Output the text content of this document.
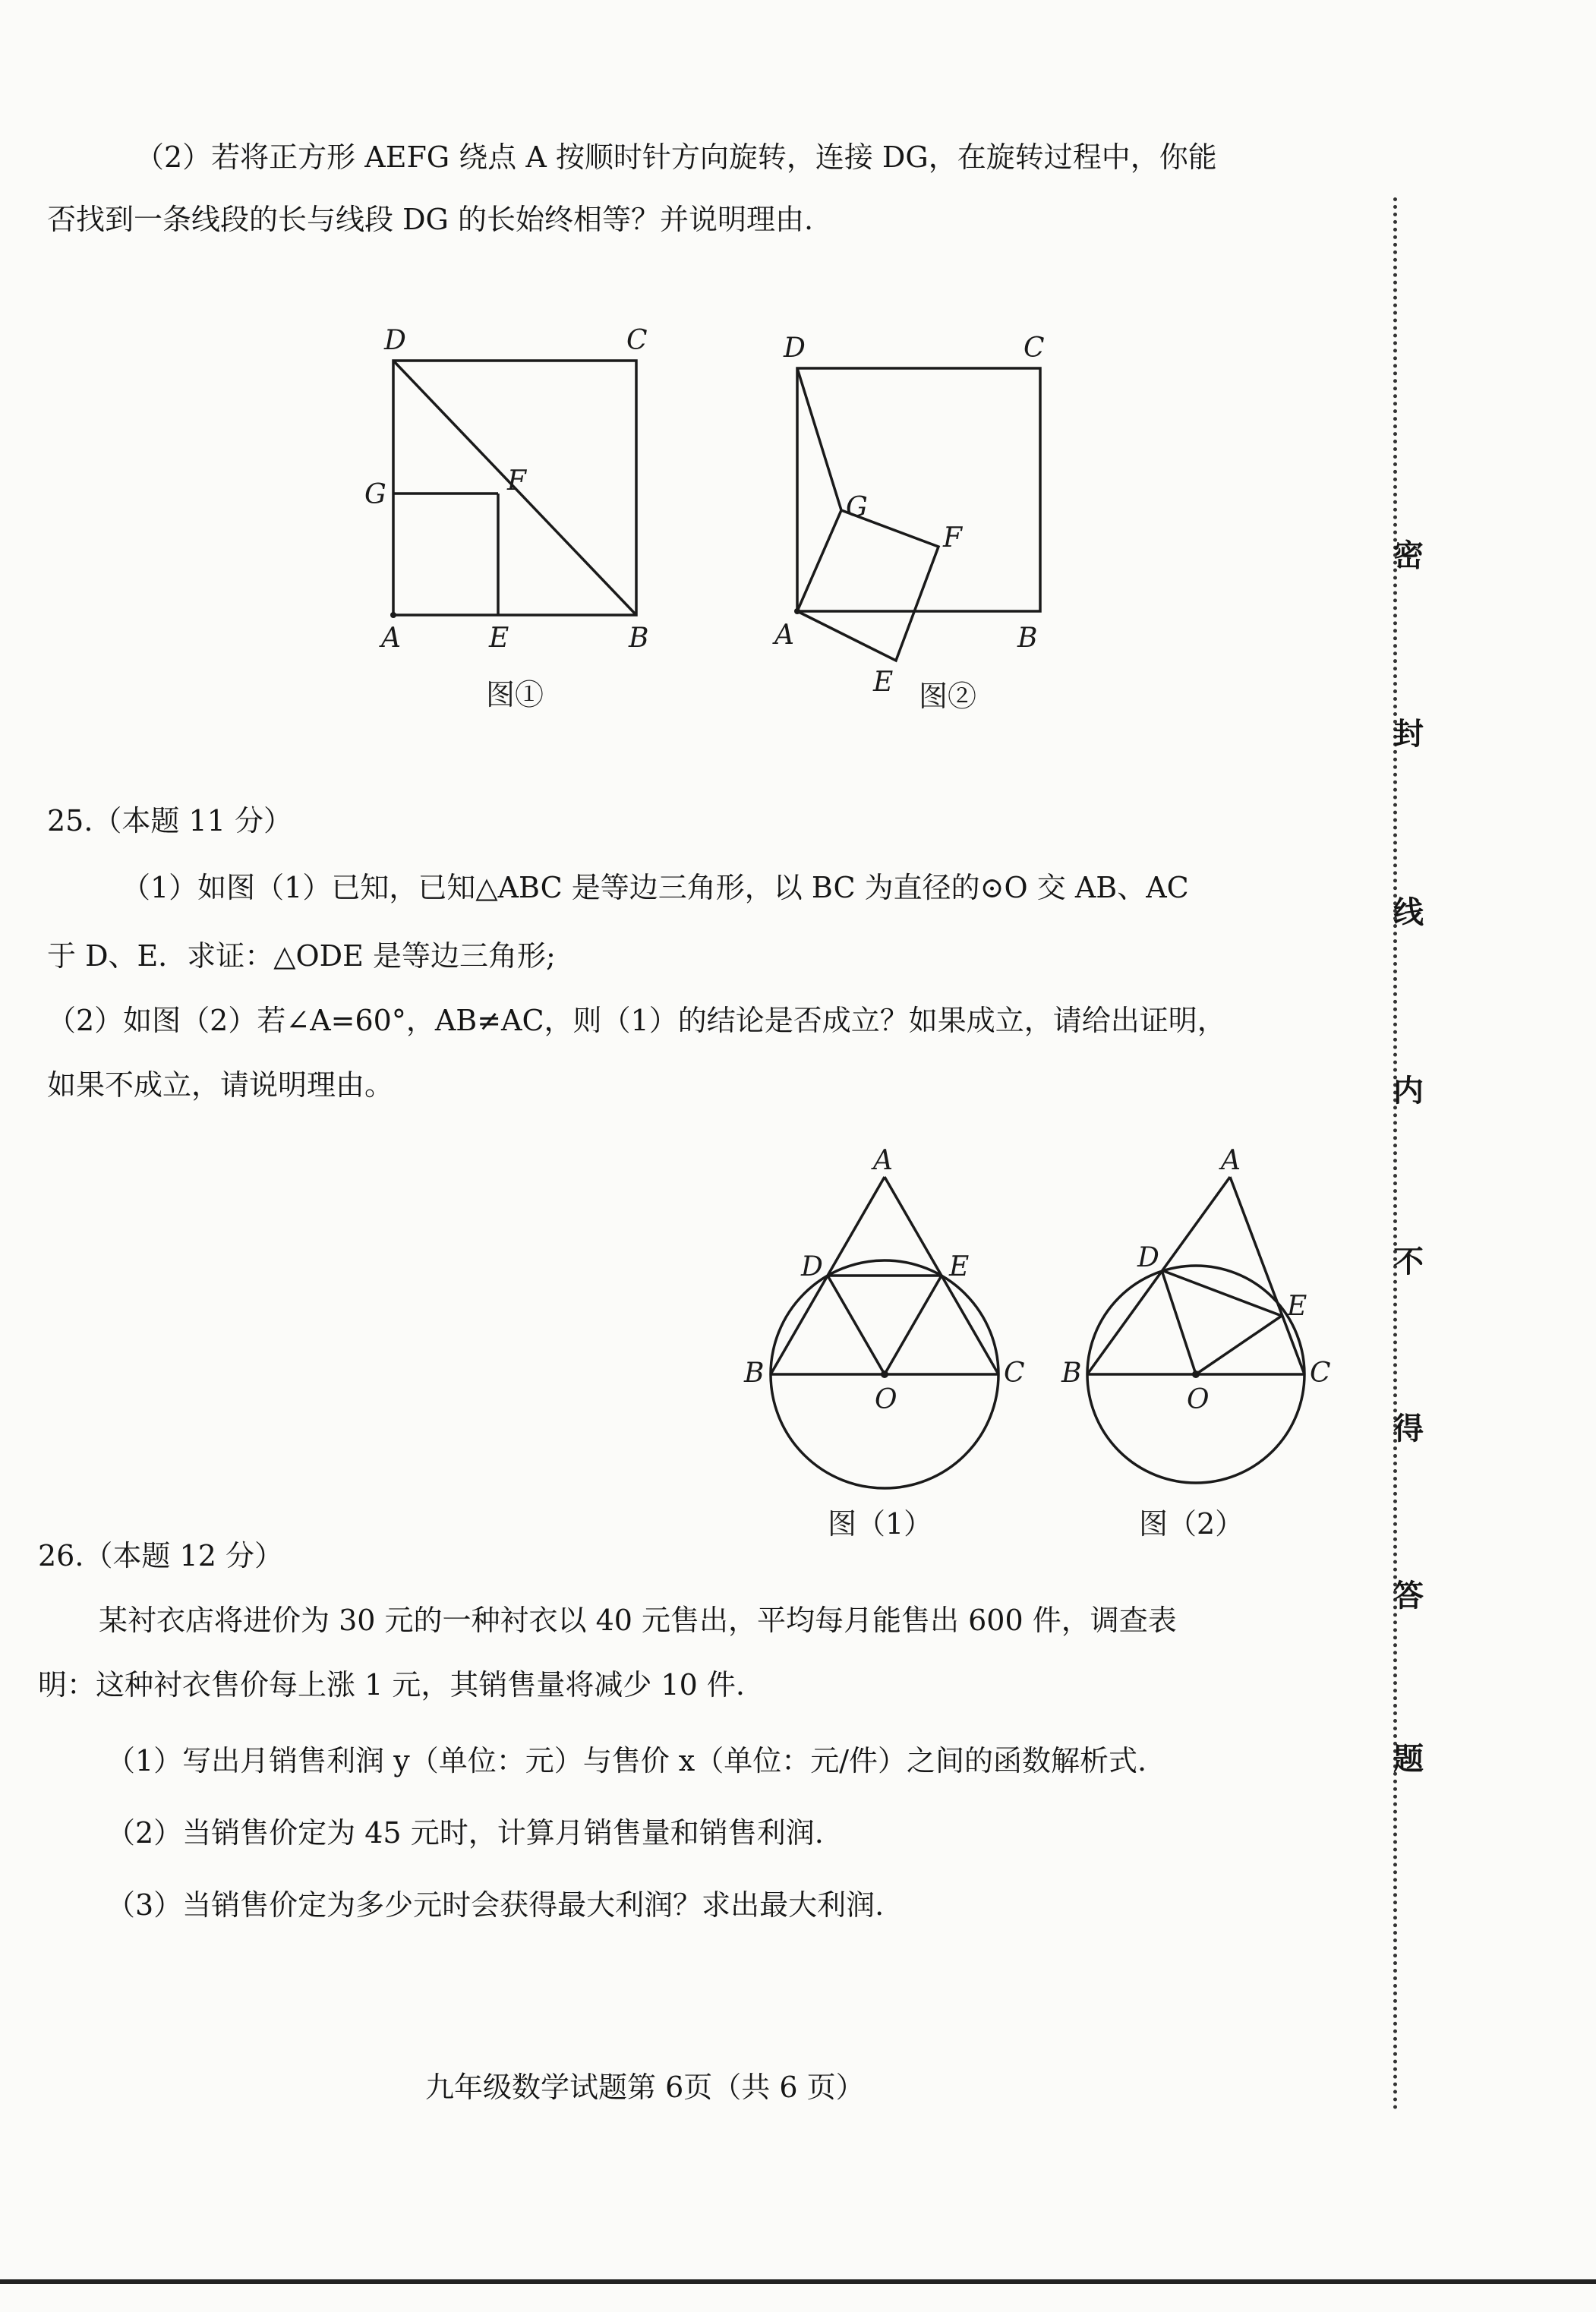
（2）若将正方形 AEFG 绕点 A 按顺时针方向旋转，连接 DG，在旋转过程中，你能
否找到一条线段的长与线段 DG 的长始终相等？并说明理由.
D	C
G	F
A	E	B
图①
D	C
G
F
A	B
E 图②
25.（本题 11 分）
（1）如图（1）已知，已知△ABC 是等边三角形，以 BC 为直径的⊙O 交 AB、AC
于 D、E．求证：△ODE 是等边三角形;
（2）如图（2）若∠A=60°，AB≠AC，则（1）的结论是否成立？如果成立，请给出证明，
如果不成立，请说明理由。
A
D	E
B
O
C
图（1）
A
D
E
B
O
C
图（2）
26.（本题 12 分）
某衬衣店将进价为 30 元的一种衬衣以 40 元售出，平均每月能售出 600 件，调查表
明：这种衬衣售价每上涨 1 元，其销售量将减少 10 件.
（1）写出月销售利润 y（单位：元）与售价 x（单位：元/件）之间的函数解析式.
（2）当销售价定为 45 元时，计算月销售量和销售利润.
（3）当销售价定为多少元时会获得最大利润？求出最大利润.
九年级数学试题第 6页（共 6 页）
密
封
线
内
不
得
答
题
